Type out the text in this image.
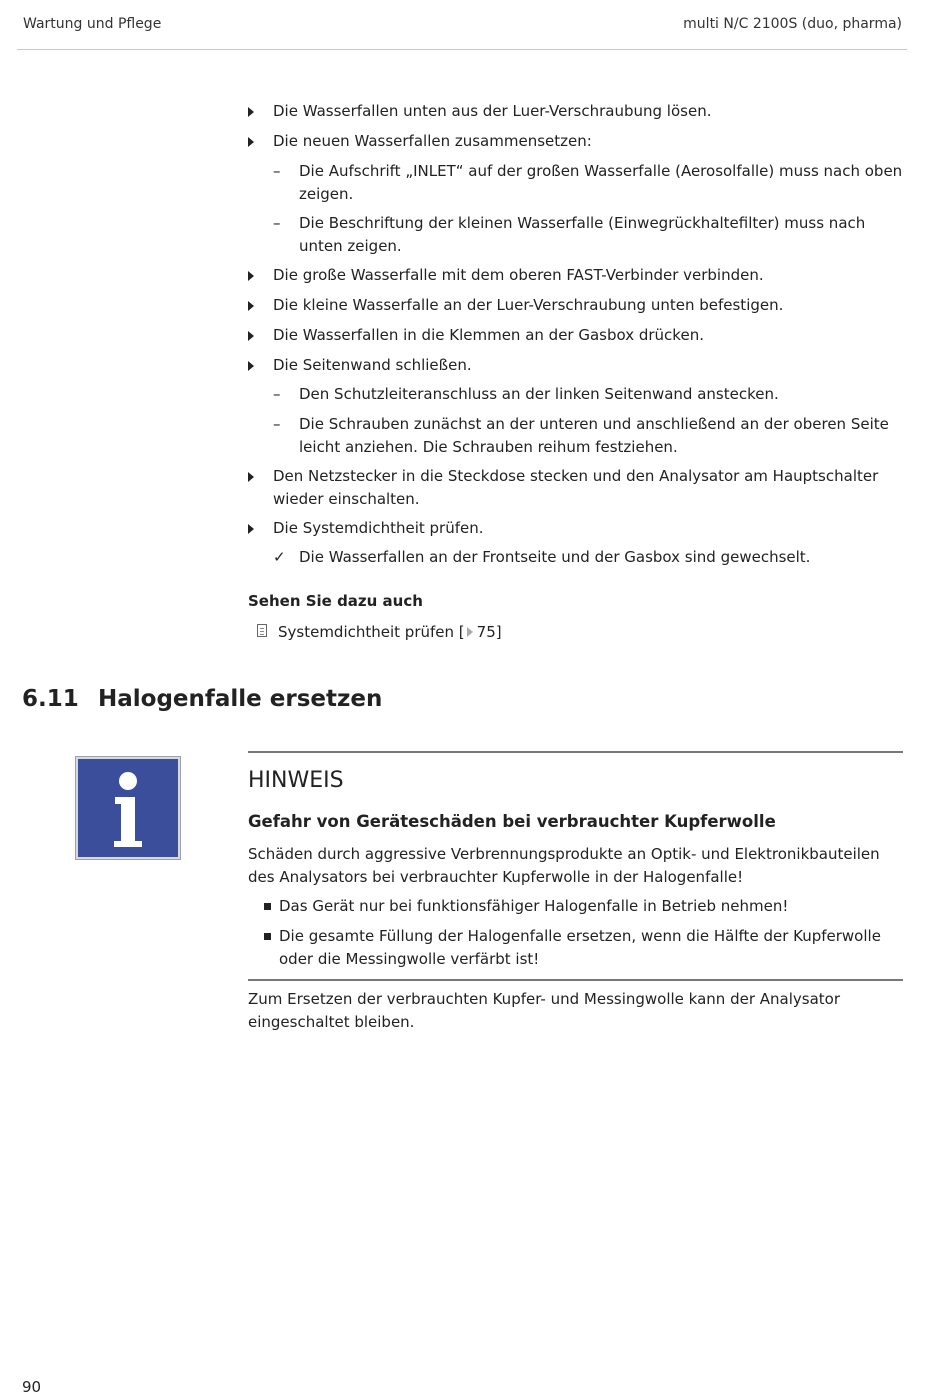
Wartung und Pflege	multi N/C 2100S (duo, pharma)
Die Wasserfallen unten aus der Luer-Verschraubung lösen.
Die neuen Wasserfallen zusammensetzen:
–	Die Aufschrift „INLET“ auf der großen Wasserfalle (Aerosolfalle) muss nach oben zeigen.
–	Die Beschriftung der kleinen Wasserfalle (Einwegrückhaltefilter) muss nach unten zeigen.
Die große Wasserfalle mit dem oberen FAST-Verbinder verbinden.
Die kleine Wasserfalle an der Luer-Verschraubung unten befestigen.
Die Wasserfallen in die Klemmen an der Gasbox drücken.
Die Seitenwand schließen.
–	Den Schutzleiteranschluss an der linken Seitenwand anstecken.
–	Die Schrauben zunächst an der unteren und anschließend an der oberen Seite leicht anziehen. Die Schrauben reihum festziehen.
Den Netzstecker in die Steckdose stecken und den Analysator am Hauptschalter wieder einschalten.
Die Systemdichtheit prüfen.
✓ Die Wasserfallen an der Frontseite und der Gasbox sind gewechselt.
Sehen Sie dazu auch
Systemdichtheit prüfen [ 75]
6.11 Halogenfalle ersetzen
HINWEIS
Gefahr von Geräteschäden bei verbrauchter Kupferwolle
Schäden durch aggressive Verbrennungsprodukte an Optik- und Elektronikbauteilen des Analysators bei verbrauchter Kupferwolle in der Halogenfalle!
Das Gerät nur bei funktionsfähiger Halogenfalle in Betrieb nehmen!
Die gesamte Füllung der Halogenfalle ersetzen, wenn die Hälfte der Kupferwolle oder die Messingwolle verfärbt ist!
Zum Ersetzen der verbrauchten Kupfer- und Messingwolle kann der Analysator eingeschaltet bleiben.
90
